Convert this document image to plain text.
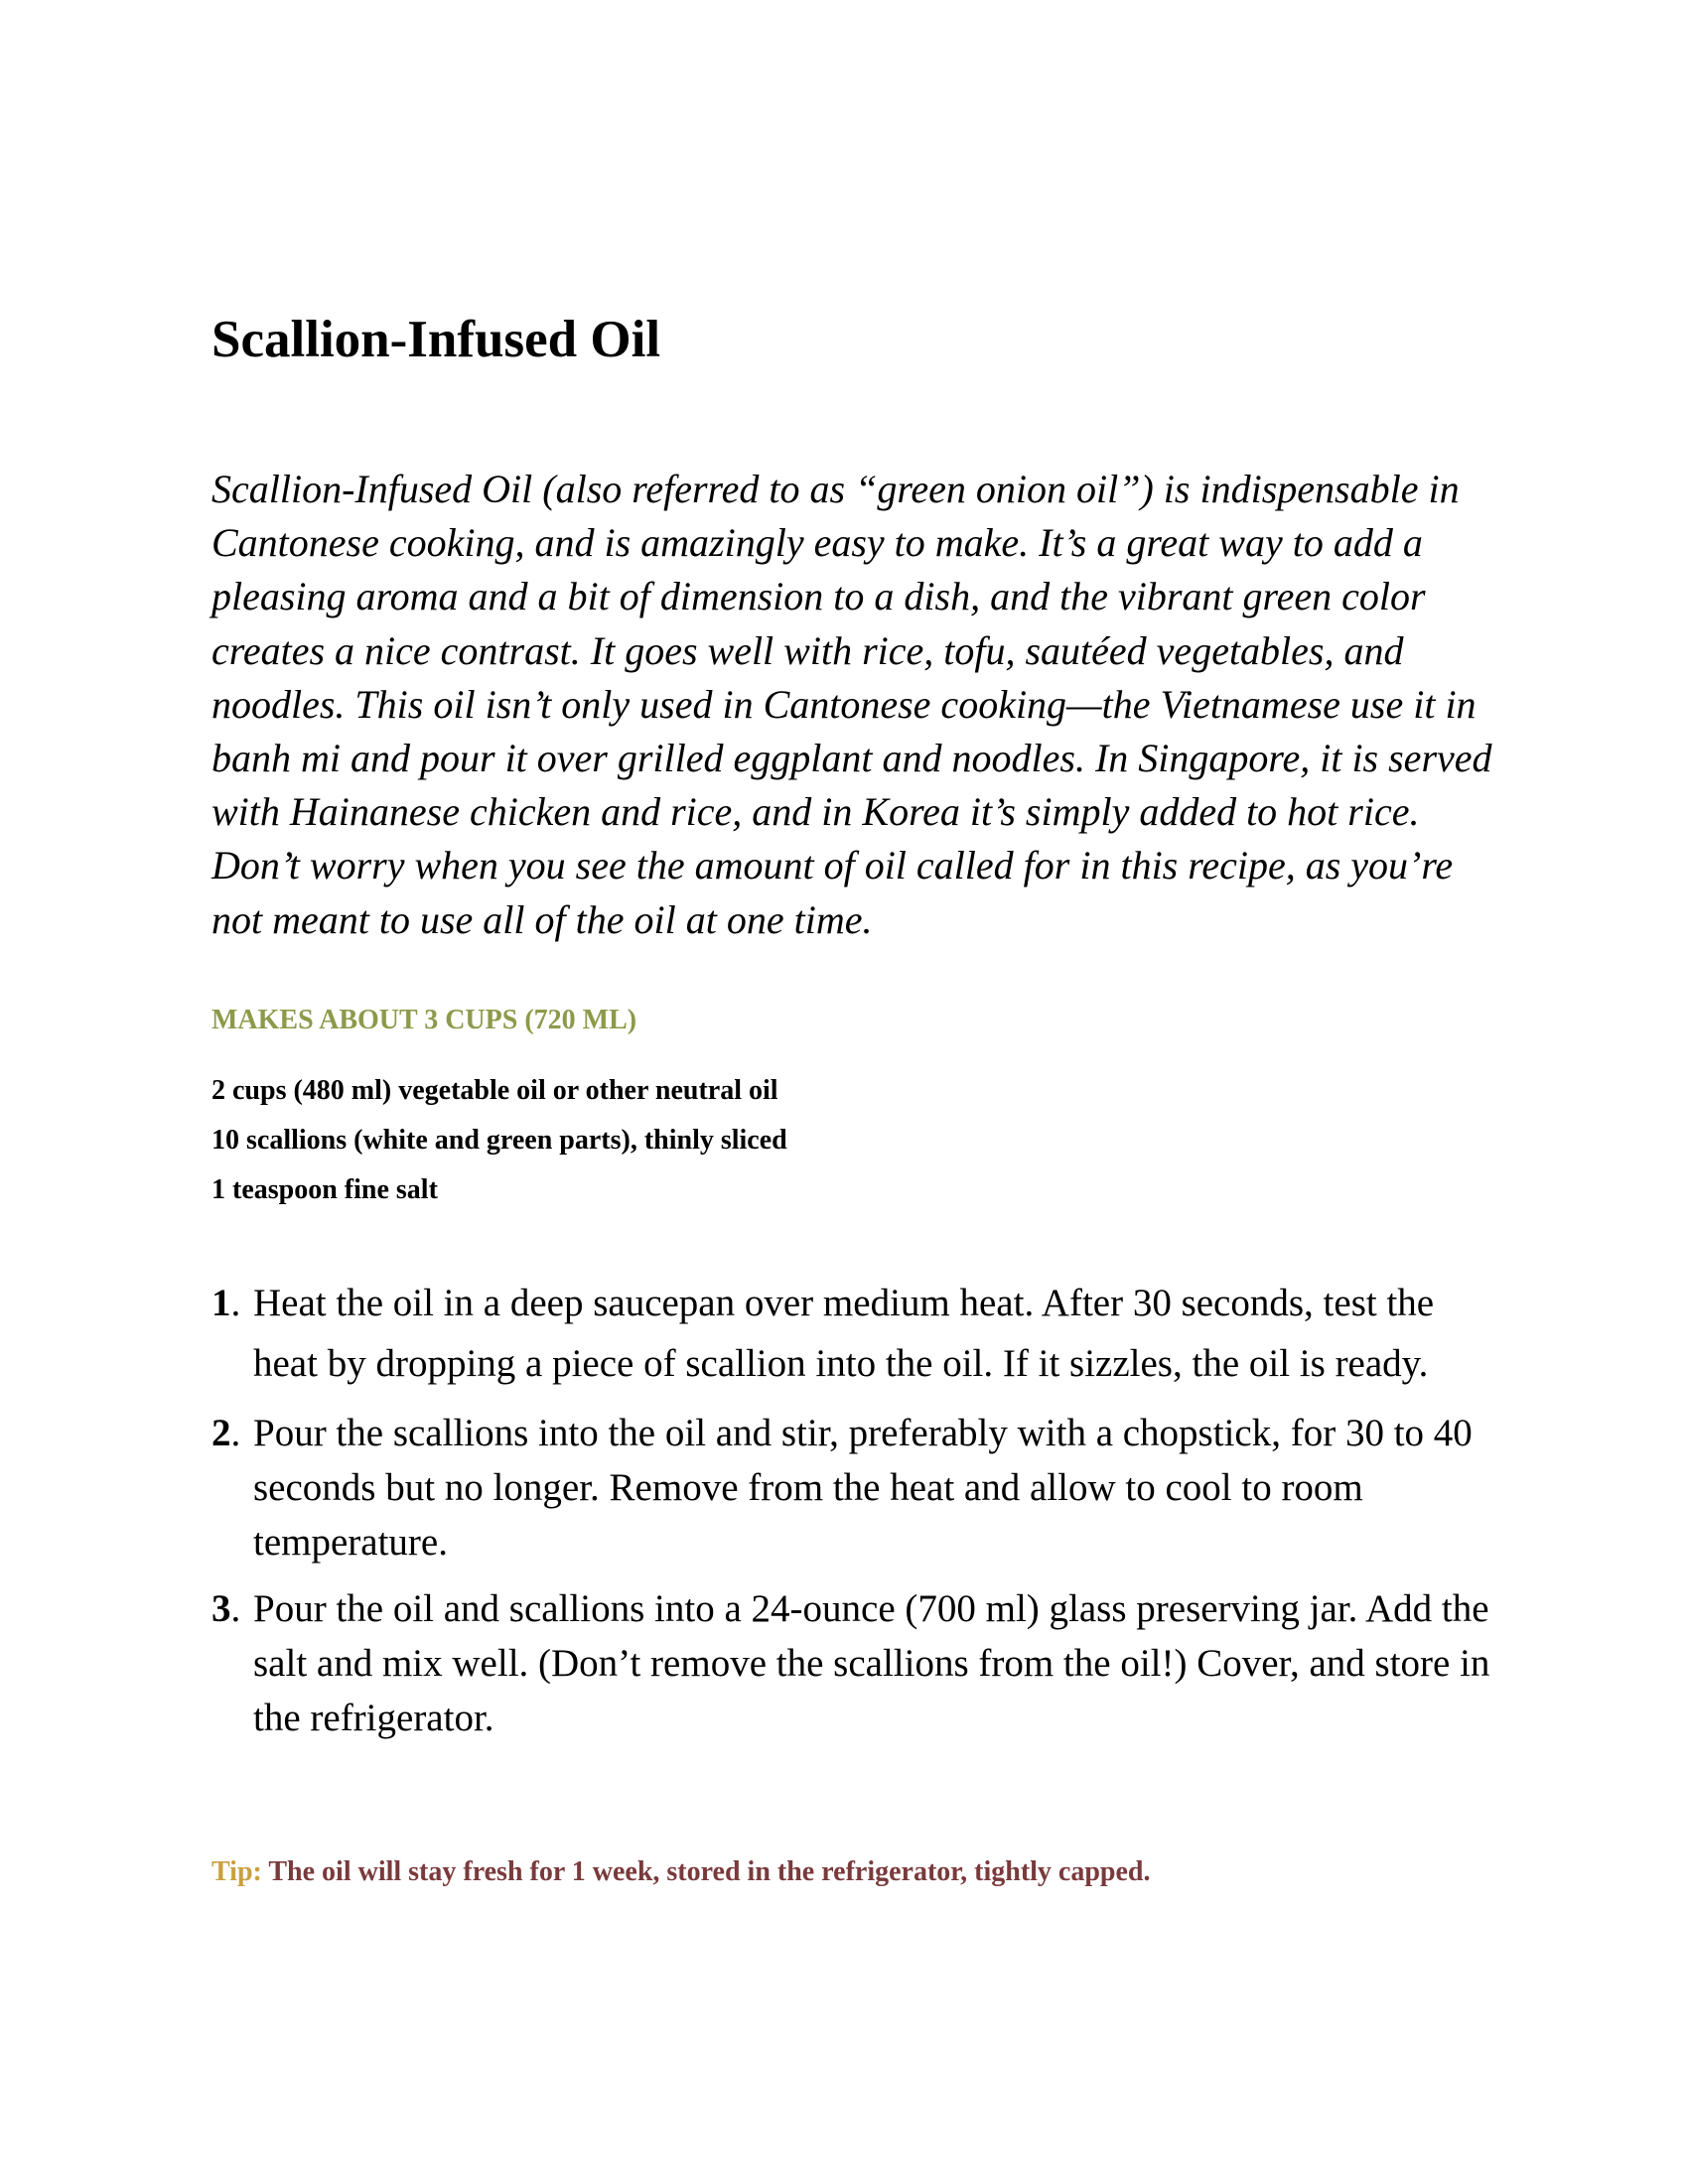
Scallion-Infused Oil

Scallion-Infused Oil (also referred to as “green onion oil”) is indispensable in Cantonese cooking, and is amazingly easy to make. It’s a great way to add a pleasing aroma and a bit of dimension to a dish, and the vibrant green color creates a nice contrast. It goes well with rice, tofu, sautéed vegetables, and noodles. This oil isn’t only used in Cantonese cooking—the Vietnamese use it in banh mi and pour it over grilled eggplant and noodles. In Singapore, it is served with Hainanese chicken and rice, and in Korea it’s simply added to hot rice. Don’t worry when you see the amount of oil called for in this recipe, as you’re not meant to use all of the oil at one time.

MAKES ABOUT 3 CUPS (720 ML)

2 cups (480 ml) vegetable oil or other neutral oil
10 scallions (white and green parts), thinly sliced
1 teaspoon fine salt
1. Heat the oil in a deep saucepan over medium heat. After 30 seconds, test the heat by dropping a piece of scallion into the oil. If it sizzles, the oil is ready.
2. Pour the scallions into the oil and stir, preferably with a chopstick, for 30 to 40 seconds but no longer. Remove from the heat and allow to cool to room temperature.
3. Pour the oil and scallions into a 24-ounce (700 ml) glass preserving jar. Add the salt and mix well. (Don’t remove the scallions from the oil!) Cover, and store in the refrigerator.

Tip: The oil will stay fresh for 1 week, stored in the refrigerator, tightly capped.
